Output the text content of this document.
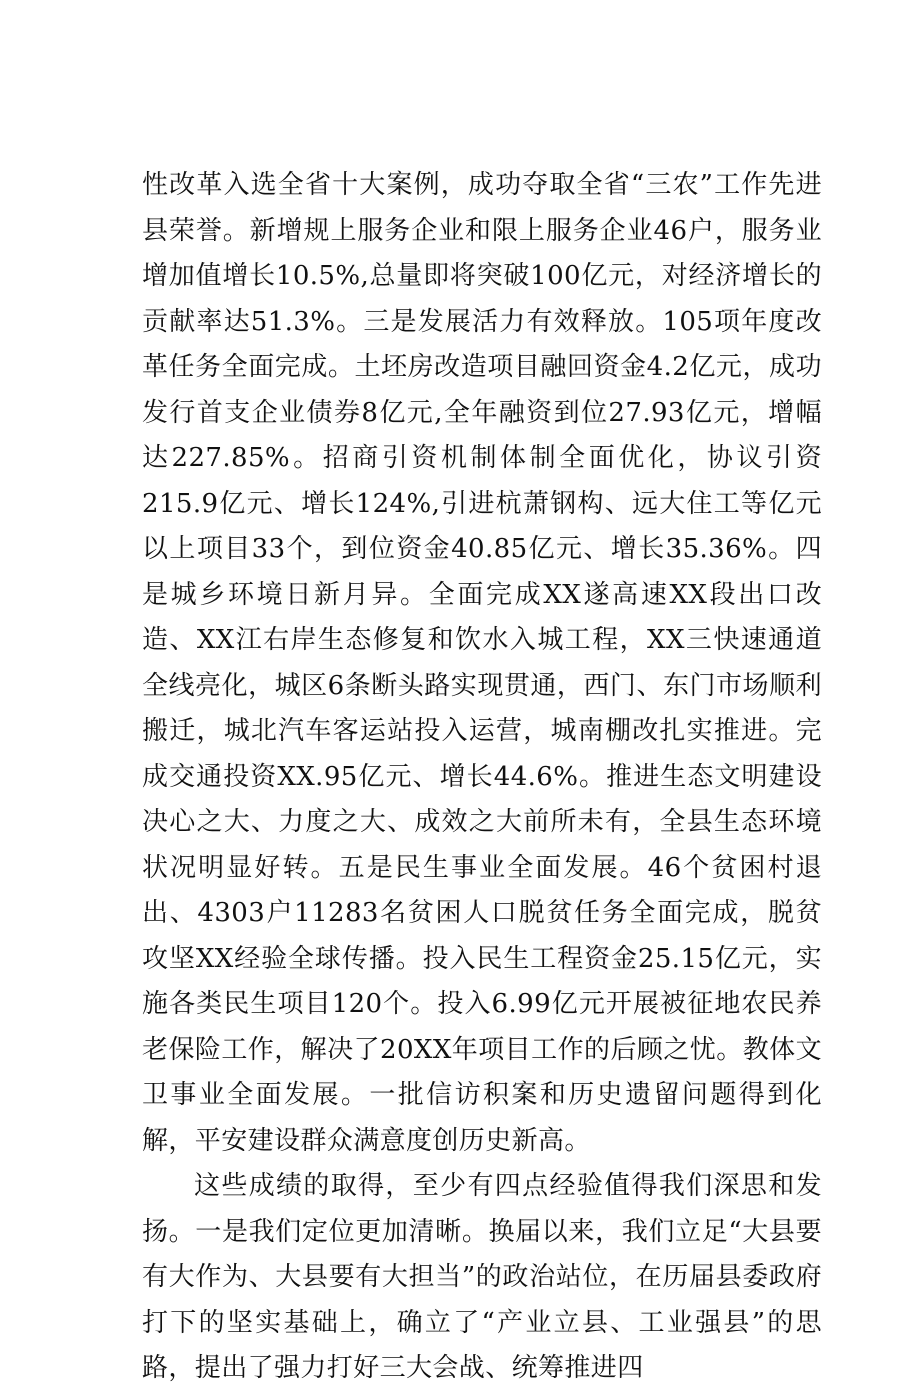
性改革入选全省十大案例，成功夺取全省“三农”工作先进县荣誉。新增规上服务企业和限上服务企业46户，服务业增加值增长10.5%,总量即将突破100亿元，对经济增长的贡献率达51.3%。三是发展活力有效释放。105项年度改革任务全面完成。土坯房改造项目融回资金4.2亿元，成功发行首支企业债券8亿元,全年融资到位27.93亿元，增幅达227.85%。招商引资机制体制全面优化，协议引资215.9亿元、增长124%,引进杭萧钢构、远大住工等亿元以上项目33个，到位资金40.85亿元、增长35.36%。四是城乡环境日新月异。全面完成XX遂高速XX段出口改造、XX江右岸生态修复和饮水入城工程，XX三快速通道全线亮化，城区6条断头路实现贯通，西门、东门市场顺利搬迁，城北汽车客运站投入运营，城南棚改扎实推进。完成交通投资XX.95亿元、增长44.6%。推进生态文明建设决心之大、力度之大、成效之大前所未有，全县生态环境状况明显好转。五是民生事业全面发展。46个贫困村退出、4303户11283名贫困人口脱贫任务全面完成，脱贫攻坚XX经验全球传播。投入民生工程资金25.15亿元，实施各类民生项目120个。投入6.99亿元开展被征地农民养老保险工作，解决了20XX年项目工作的后顾之忧。教体文卫事业全面发展。一批信访积案和历史遗留问题得到化解，平安建设群众满意度创历史新高。

这些成绩的取得，至少有四点经验值得我们深思和发扬。一是我们定位更加清晰。换届以来，我们立足“大县要有大作为、大县要有大担当”的政治站位，在历届县委政府打下的坚实基础上，确立了“产业立县、工业强县”的思路，提出了强力打好三大会战、统筹推进四
